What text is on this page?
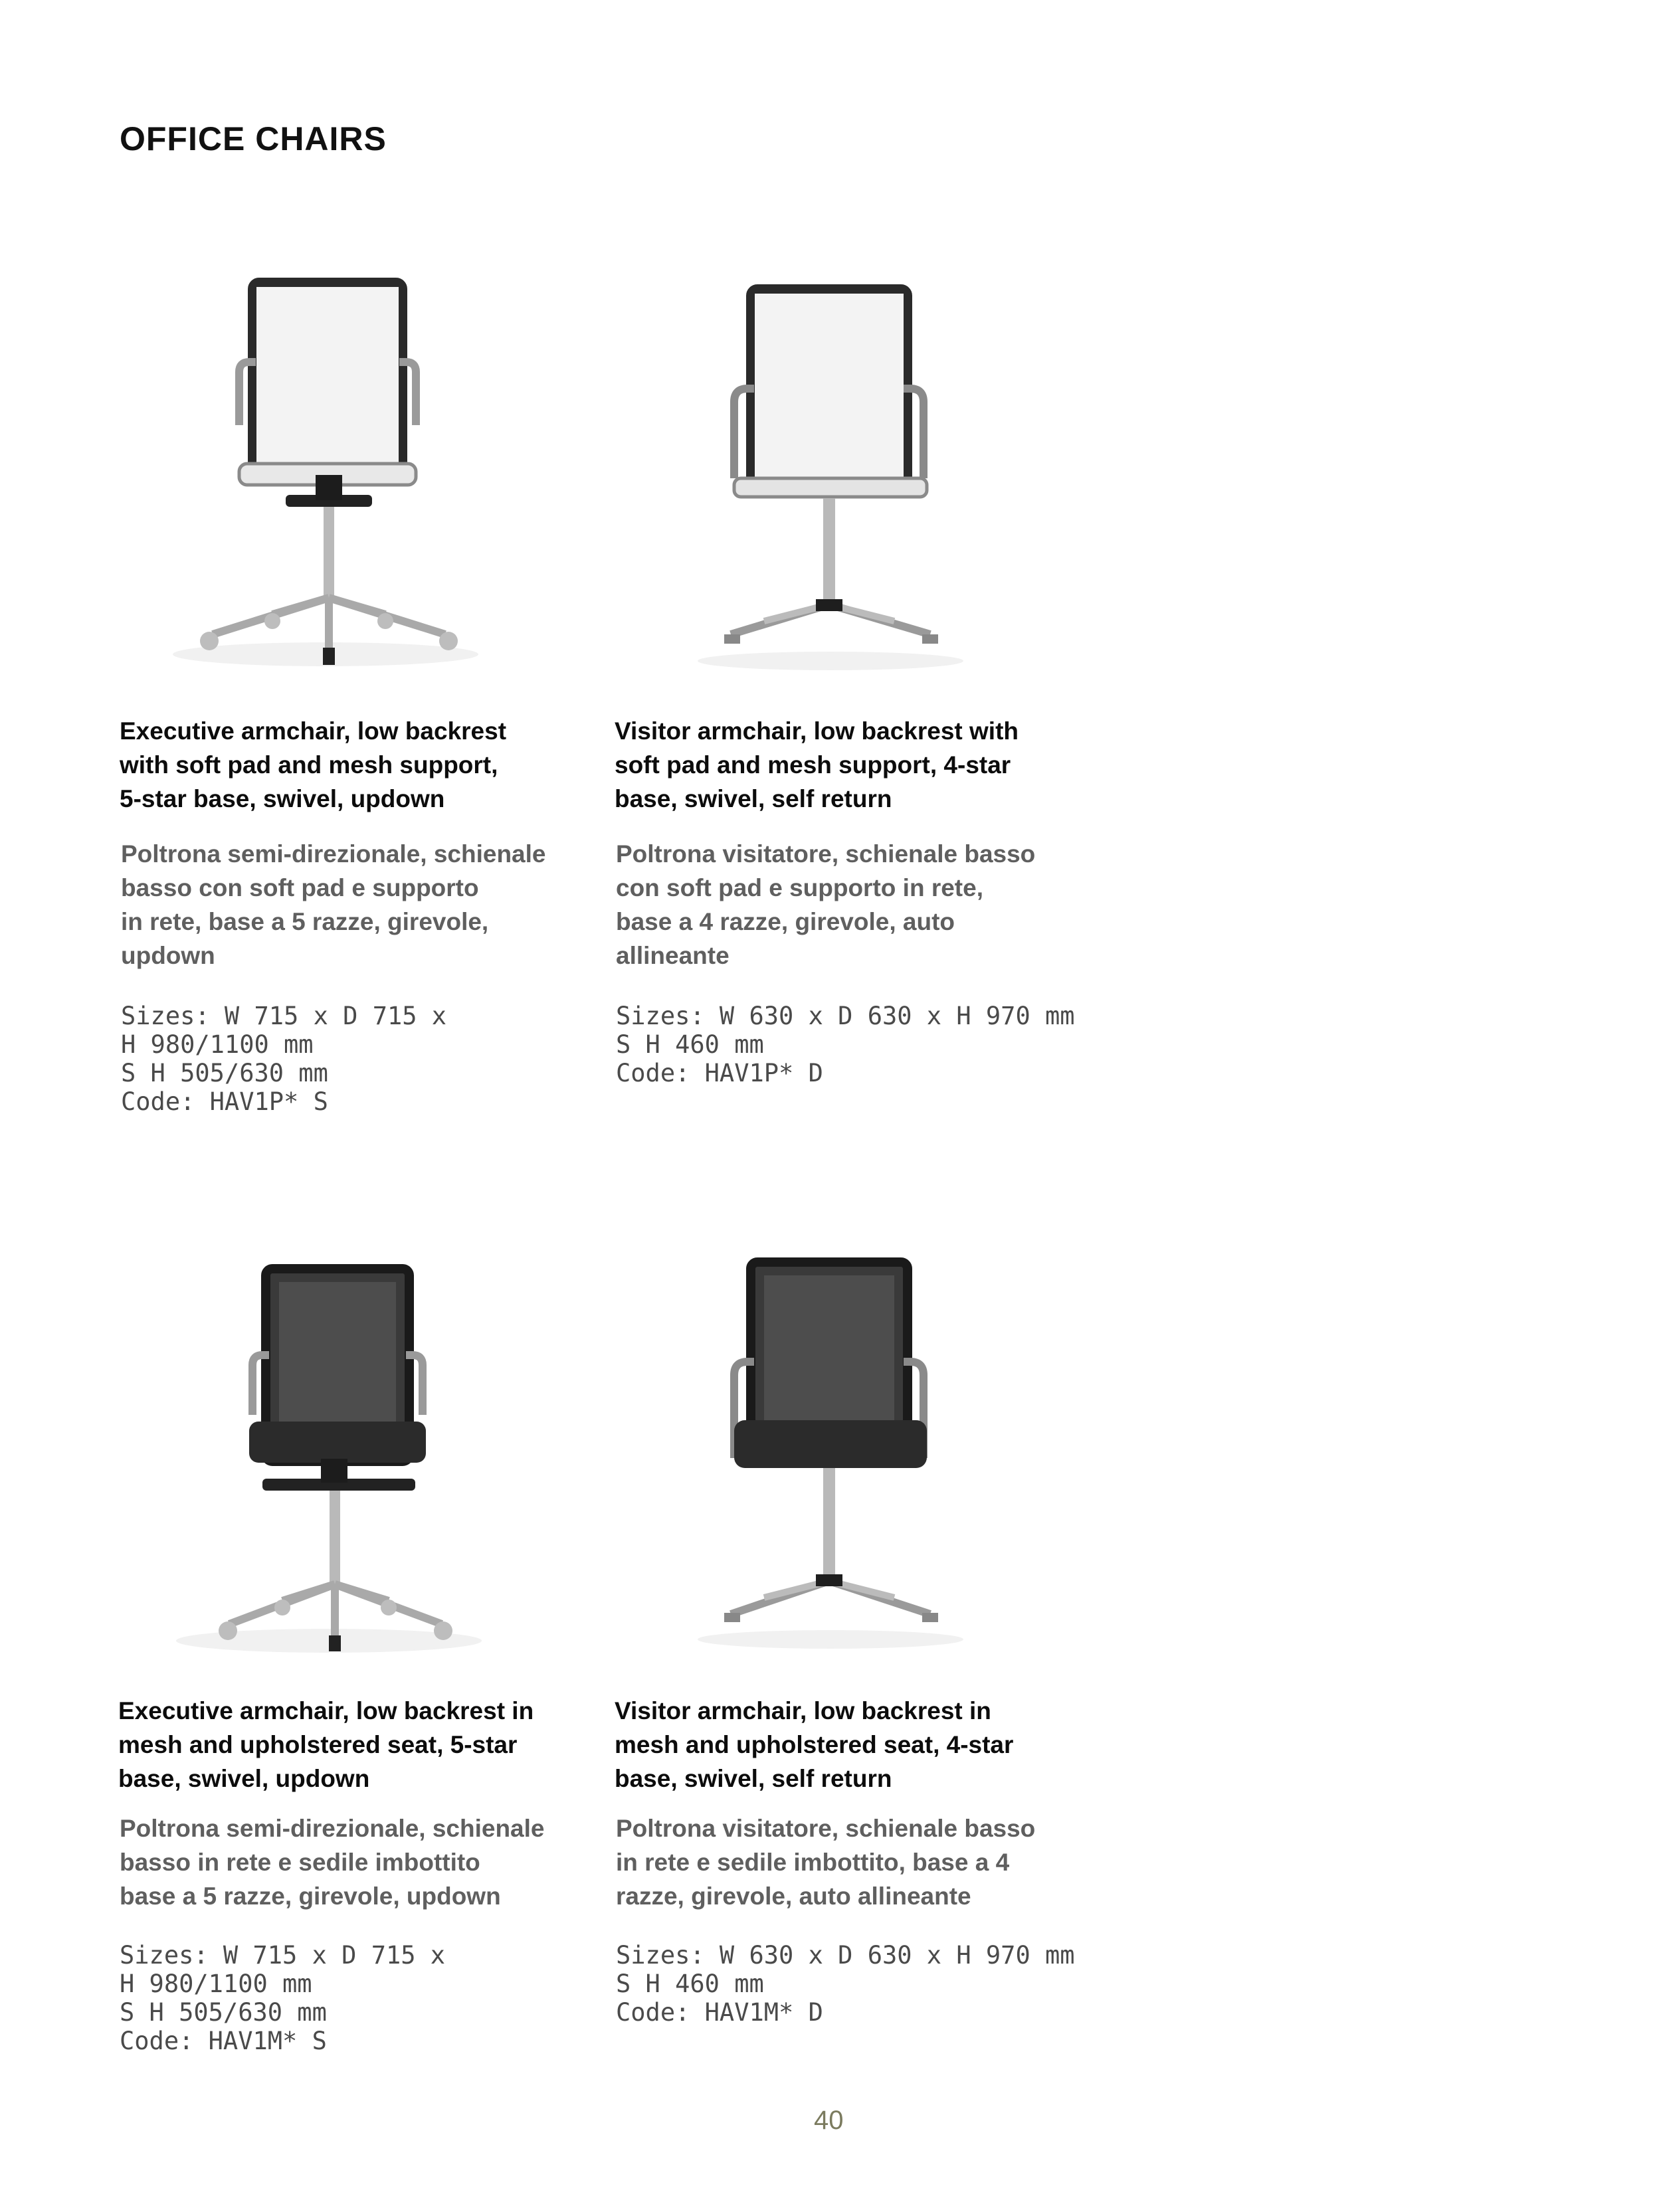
OFFICE CHAIRS
Executive armchair, low backrest
with soft pad and mesh support,
5-star base, swivel, updown
Poltrona semi-direzionale, schienale
basso con soft pad e supporto
in rete, base a 5 razze, girevole,
updown
Sizes: W 715 x D 715 x
H 980/1100 mm
S H 505/630 mm
Code: HAV1P* S
Visitor armchair, low backrest with
soft pad and mesh support, 4-star
base, swivel, self return
Poltrona visitatore, schienale basso
con soft pad e supporto in rete,
base a 4 razze, girevole, auto
allineante
Sizes: W 630 x D 630 x H 970 mm
S H 460 mm
Code: HAV1P* D
Executive armchair, low backrest in
mesh and upholstered seat, 5-star
base, swivel, updown
Poltrona semi-direzionale, schienale
basso in rete e sedile imbottito
base a 5 razze, girevole, updown
Sizes: W 715 x D 715 x
H 980/1100 mm
S H 505/630 mm
Code: HAV1M* S
Visitor armchair, low backrest in
mesh and upholstered seat, 4-star
base, swivel, self return
Poltrona visitatore, schienale basso
in rete e sedile imbottito, base a 4
razze, girevole, auto allineante
Sizes: W 630 x D 630 x H 970 mm
S H 460 mm
Code: HAV1M* D
40
